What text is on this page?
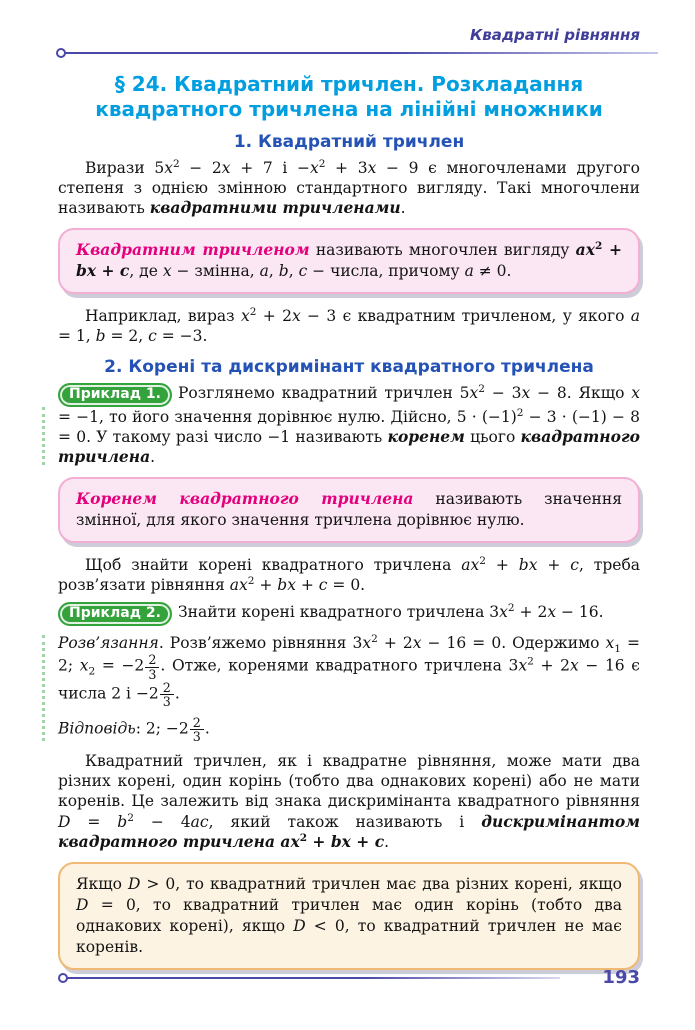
Квадратні рівняння
§ 24. Квадратний тричлен. Розкладання квадратного тричлена на лінійні множники
1. Квадратний тричлен

Вирази $5x^2 - 2x + 7$ $і -x^2 + 3x - 9$ є многочленами другого степеня з однією змінною стандартного вигляду. Такі многочлени називають квадратними тричленами.

Квадратним тричленом називають многочлен вигляду $ax^2$ + bx + c, де x − змінна, a, b, c − числа, причому a ≠ 0.

Наприклад, вираз $x^2 + 2x - 3$ є квадратним тричленом, у якого a = 1, b = 2, c = −3.

2. Корені та дискримінант квадратного тричлена

Приклад 1. Розглянемо квадратний тричлен $5x^2 - 3x - 8$. Якщо x = −1, то його значення дорівнює нулю. Дійсно, $5 \cdot (-1)^2 - 3 \cdot (-1) - 8 = 0$. У такому разі число −1 називають коренем цього квадратного тричлена.

Коренем квадратного тричлена називають значення змінної, для якого значення тричлена дорівнює нулю.

Щоб знайти корені квадратного тричлена $ax^2$ + bx + c, треба розв’язати рівняння $ax^2$ + bx + c = 0.

Приклад 2. Знайти корені квадратного тричлена $3x^2 + 2x - 16$.

Розв’язання. Розв’яжемо рівняння $3x^2 + 2x - 16 = 0$. Одержимо $x_1 = 2$; $x_2 = -2 \frac{2}{3}$ . Отже, коренями квадратного тричлена $3x^2 + 2x - 16$ є числа 2 $і -2 \frac{2}{3}$ .

Відповідь: 2; $-2 \frac{2}{3}$ .

Квадратний тричлен, як і квадратне рівняння, може мати два різних корені, один корінь (тобто два однакових корені) або не мати коренів. Це залежить від знака дискримінанта квадратного рівняння $D = b^2 - 4ac$, який також називають і дискримінантом квадратного тричлена $ax^2$ + bx + c.

Якщо D > 0, то квадратний тричлен має два різних корені, якщо D = 0, то квадратний тричлен має один корінь (тобто два однакових корені), якщо D < 0, то квадратний тричлен не має коренів.
193
